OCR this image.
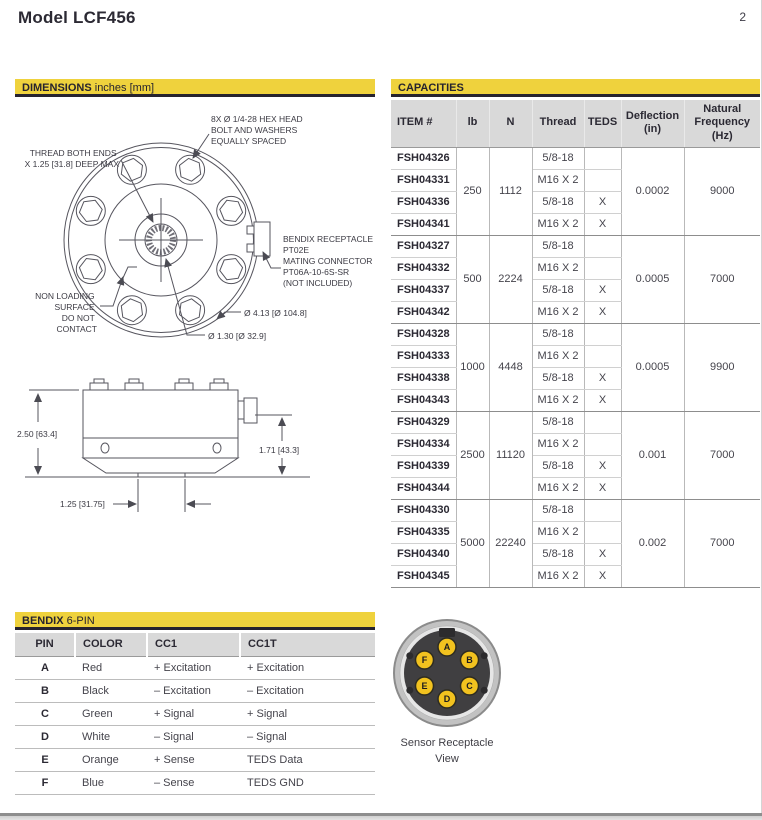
Model LCF456	2
DIMENSIONS inches [mm]
8X Ø 1/4-28 HEX HEAD BOLT AND WASHERS EQUALLY SPACED
THREAD BOTH ENDS X 1.25 [31.8] DEEP MAX
BENDIX RECEPTACLE PT02E MATING CONNECTOR PT06A-10-6S-SR (NOT INCLUDED)
NON LOADING SURFACE DO NOT CONTACT
Ø 4.13 [Ø 104.8]
Ø 1.30 [Ø 32.9]
2.50 [63.4]
1.71 [43.3]
1.25 [31.75]
CAPACITIES
ITEM #	lb	N	Thread	TEDS	Deflection (in)	Natural Frequency (Hz)
FSH04326	250	1112	5/8-18		0.0002	9000
FSH04331			M16 X 2			
FSH04336			5/8-18	X		
FSH04341			M16 X 2	X		
FSH04327	500	2224	5/8-18		0.0005	7000
FSH04332			M16 X 2			
FSH04337			5/8-18	X		
FSH04342			M16 X 2	X		
FSH04328	1000	4448	5/8-18		0.0005	9900
FSH04333			M16 X 2			
FSH04338			5/8-18	X		
FSH04343			M16 X 2	X		
FSH04329	2500	11120	5/8-18		0.001	7000
FSH04334			M16 X 2			
FSH04339			5/8-18	X		
FSH04344			M16 X 2	X		
FSH04330	5000	22240	5/8-18		0.002	7000
FSH04335			M16 X 2			
FSH04340			5/8-18	X		
FSH04345			M16 X 2	X		
BENDIX 6-PIN
PIN	COLOR	CC1	CC1T
A	Red	+ Excitation	+ Excitation
B	Black	– Excitation	– Excitation
C	Green	+ Signal	+ Signal
D	White	– Signal	– Signal
E	Orange	+ Sense	TEDS Data
F	Blue	– Sense	TEDS GND
A
B
C
D
E
F
Sensor Receptacle
View
